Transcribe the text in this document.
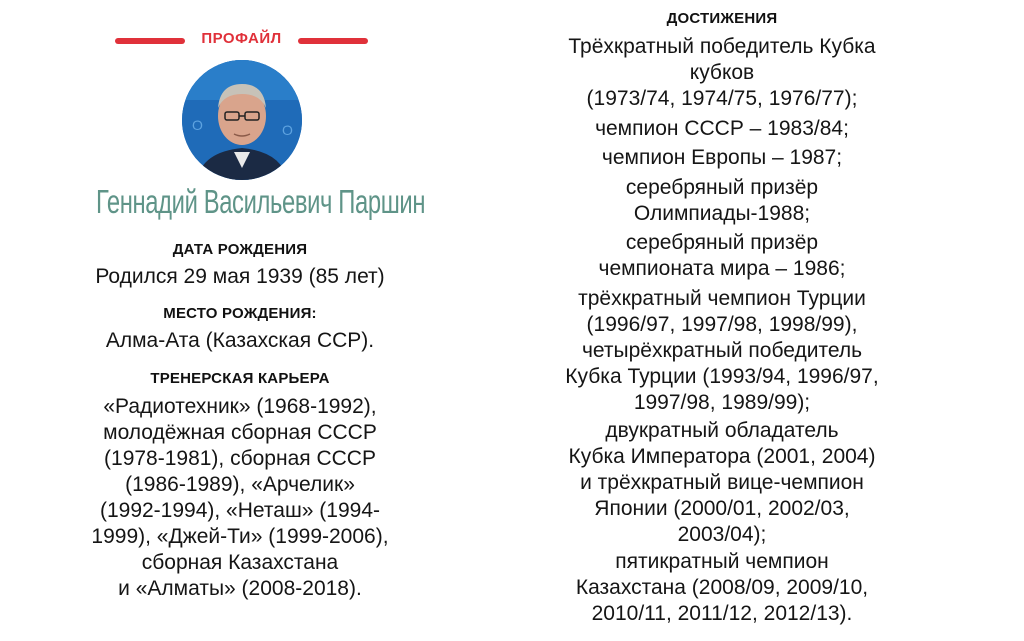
ПРОФАЙЛ
O	O
Геннадий Васильевич Паршин
ДАТА РОЖДЕНИЯ
Родился 29 мая 1939 (85 лет)
МЕСТО РОЖДЕНИЯ:
Алма-Ата (Казахская ССР).
ТРЕНЕРСКАЯ КАРЬЕРА
«Радиотехник» (1968-1992),
молодёжная сборная СССР
(1978-1981), сборная СССР
(1986-1989), «Арчелик»
(1992-1994), «Неташ» (1994-
1999), «Джей-Ти» (1999-2006),
сборная Казахстана
и «Алматы» (2008-2018).
ДОСТИЖЕНИЯ
Трёхкратный победитель Кубка
кубков
(1973/74, 1974/75, 1976/77);
чемпион СССР – 1983/84;
чемпион Европы – 1987;
серебряный призёр
Олимпиады-1988;
серебряный призёр
чемпионата мира – 1986;
трёхкратный чемпион Турции
(1996/97, 1997/98, 1998/99),
четырёхкратный победитель
Кубка Турции (1993/94, 1996/97,
1997/98, 1989/99);
двукратный обладатель
Кубка Императора (2001, 2004)
и трёхкратный вице-чемпион
Японии (2000/01, 2002/03,
2003/04);
пятикратный чемпион
Казахстана (2008/09, 2009/10,
2010/11, 2011/12, 2012/13).
